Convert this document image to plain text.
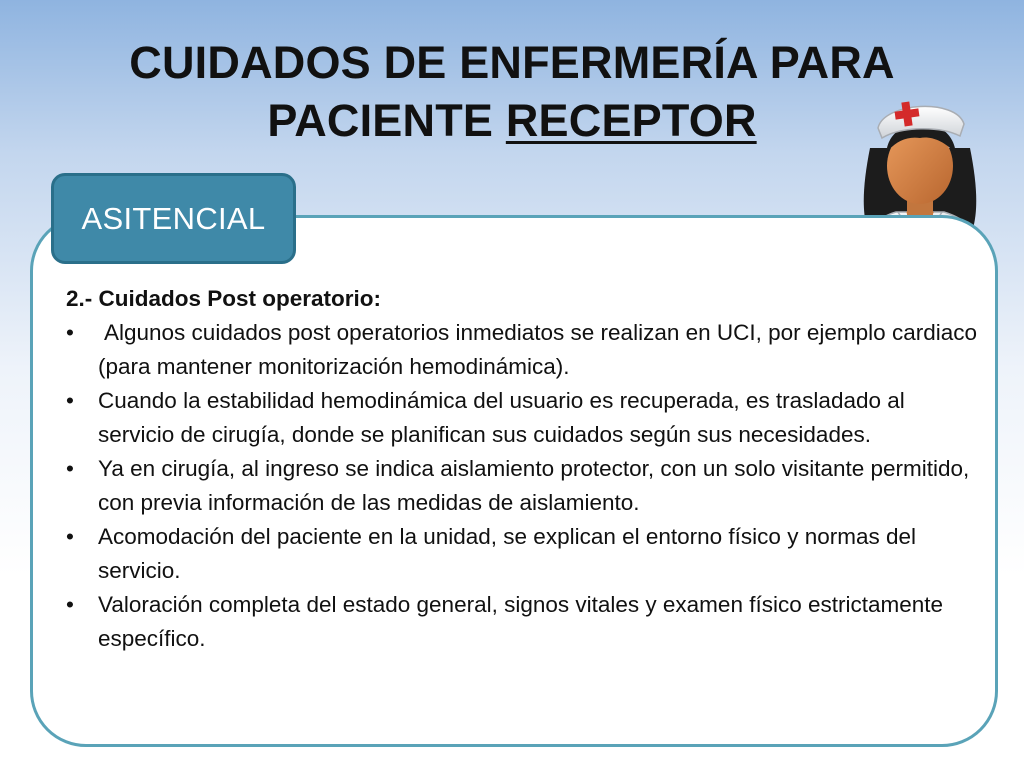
CUIDADOS DE ENFERMERÍA PARA
PACIENTE RECEPTOR
ASITENCIAL

2.- Cuidados Post operatorio:

•	Algunos cuidados post operatorios inmediatos se realizan en UCI, por ejemplo cardiaco (para mantener monitorización hemodinámica).
•	Cuando la estabilidad hemodinámica del usuario es recuperada, es trasladado al servicio de cirugía, donde se planifican sus cuidados según sus necesidades.
•	Ya en cirugía, al ingreso se indica aislamiento protector, con un solo visitante permitido, con previa información de las medidas de aislamiento.
•	Acomodación del paciente en la unidad, se explican el entorno físico y normas del servicio.
•	Valoración completa del estado general, signos vitales y examen físico estrictamente específico.
